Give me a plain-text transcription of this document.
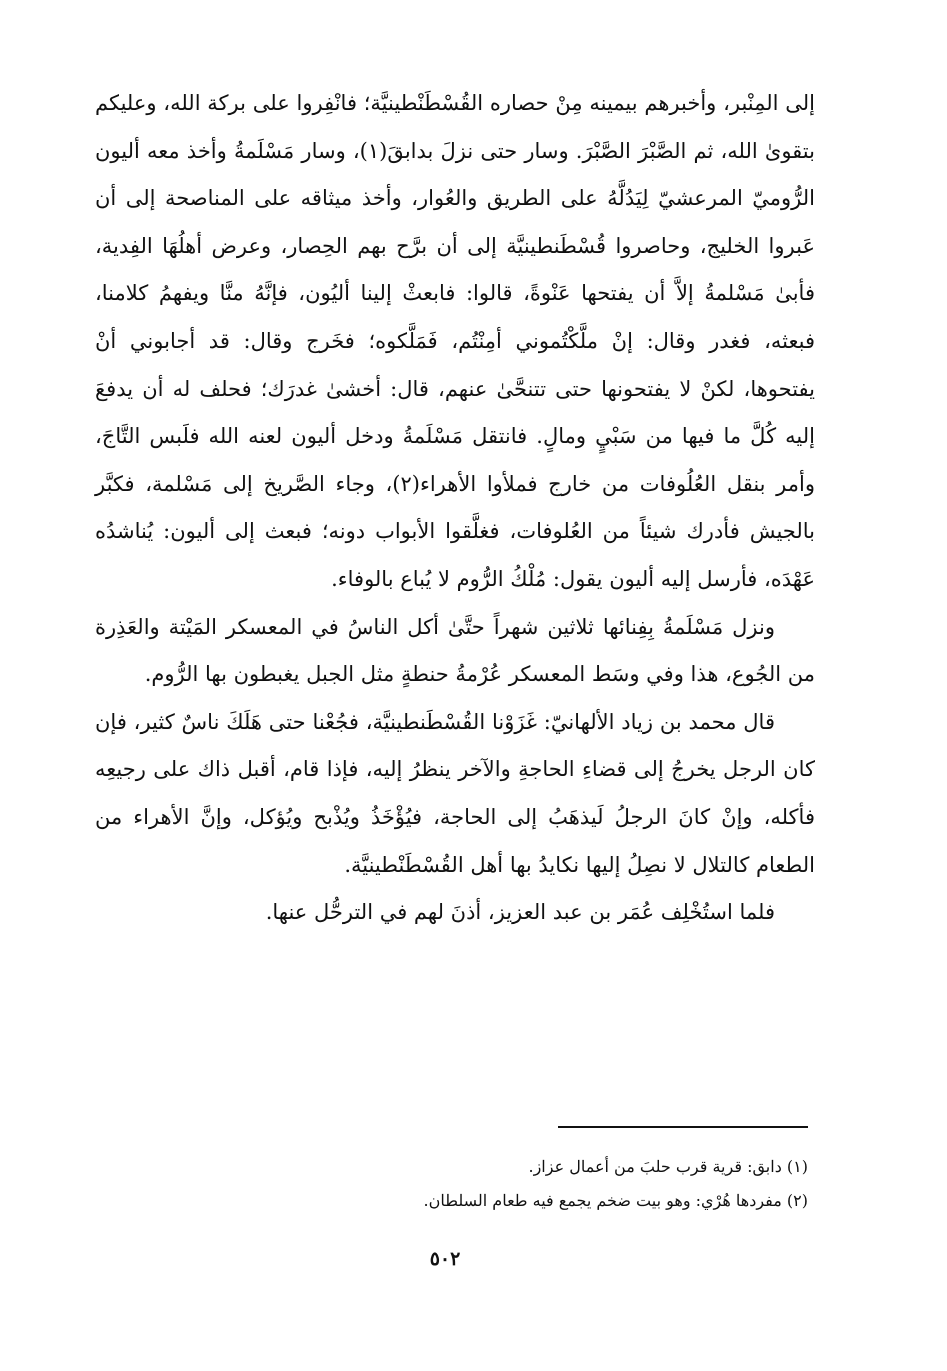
إلى المِنْبر، وأخبرهم بيمينه مِنْ حصاره القُسْطَنْطينيَّة؛ فانْفِروا على بركة الله، وعليكم بتقوىٰ الله، ثم الصَّبْرَ الصَّبْرَ. وسار حتى نزلَ بدابقَ(١)، وسار مَسْلَمةُ وأخذ معه أليون الرُّوميّ المرعشيّ لِيَدُلَّهُ على الطريق والعُوار، وأخذ ميثاقه على المناصحة إلى أن عَبروا الخليج، وحاصروا قُسْطَنطينيَّة إلى أن برَّح بهم الحِصار، وعرض أهلُهَا الفِدية، فأبىٰ مَسْلمةُ إلاَّ أن يفتحها عَنْوةً، قالوا: فابعثْ إلينا أليُون، فإنَّهُ منَّا ويفهمُ كلامنا، فبعثه، فغدر وقال: إنْ ملَّكْتُموني أمِنْتُم، فَمَلَّكوه؛ فخَرج وقال: قد أجابوني أنْ يفتحوها، لكنْ لا يفتحونها حتى تتنحَّىٰ عنهم، قال: أخشىٰ غدرَك؛ فحلف له أن يدفعَ إليه كُلَّ ما فيها من سَبْيٍ ومالٍ. فانتقل مَسْلَمةُ ودخل أليون لعنه الله فلَبس التَّاجَ، وأمر بنقل العُلُوفات من خارج فملأوا الأهراء(٢)، وجاء الصَّريخ إلى مَسْلمة، فكبَّر بالجيش فأدرك شيئاً من العُلوفات، فغلَّقوا الأبواب دونه؛ فبعث إلى أليون: يُناشدُه عَهْدَه، فأرسل إليه أليون يقول: مُلْكُ الرُّوم لا يُباع بالوفاء.

ونزل مَسْلَمةُ بِفِنائها ثلاثين شهراً حتَّىٰ أكل الناسُ في المعسكر المَيْتة والعَذِرة من الجُوع، هذا وفي وسَط المعسكر عُرْمةُ حنطةٍ مثل الجبل يغبطون بها الرُّوم.

قال محمد بن زياد الألهانيّ: غَزَوْنا القُسْطَنطينيَّة، فجُعْنا حتى هَلَكَ ناسٌ كثير، فإن كان الرجل يخرجُ إلى قضاءِ الحاجةِ والآخر ينظرُ إليه، فإذا قام، أقبل ذاك على رجيعِه فأكله، وإنْ كانَ الرجلُ لَيذهَبُ إلى الحاجة، فيُؤْخَذُ ويُذْبح ويُؤكل، وإنَّ الأهراء من الطعام كالتلال لا نصِلُ إليها نكايدُ بها أهل القُسْطَنْطينيَّة.

فلما استُخْلِف عُمَر بن عبد العزيز، أذنَ لهم في الترحُّل عنها.

(١) دابق: قرية قرب حلبَ من أعمال عزاز.
(٢) مفردها هُرْي: وهو بيت ضخم يجمع فيه طعام السلطان.
٥٠٢
